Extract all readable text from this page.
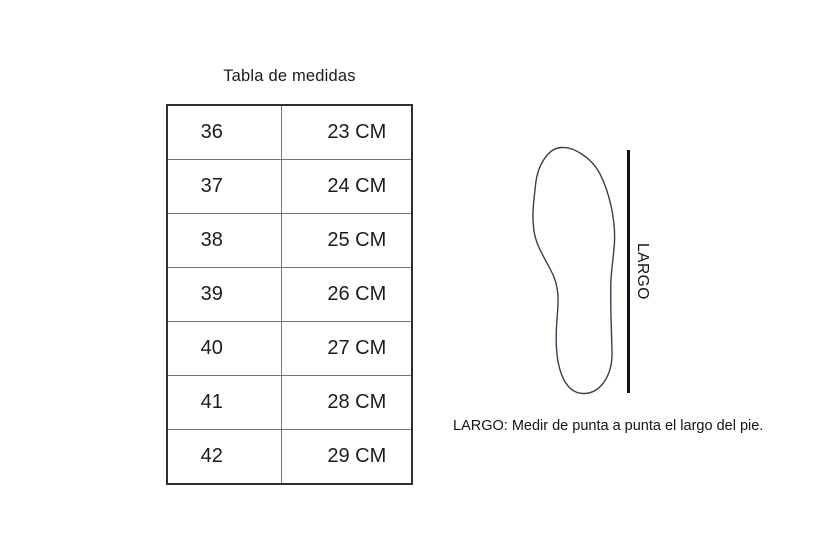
Tabla de medidas
36	23 CM
37	24 CM
38	25 CM
39	26 CM
40	27 CM
41	28 CM
42	29 CM
LARGO
LARGO: Medir de punta a punta el largo del pie.
